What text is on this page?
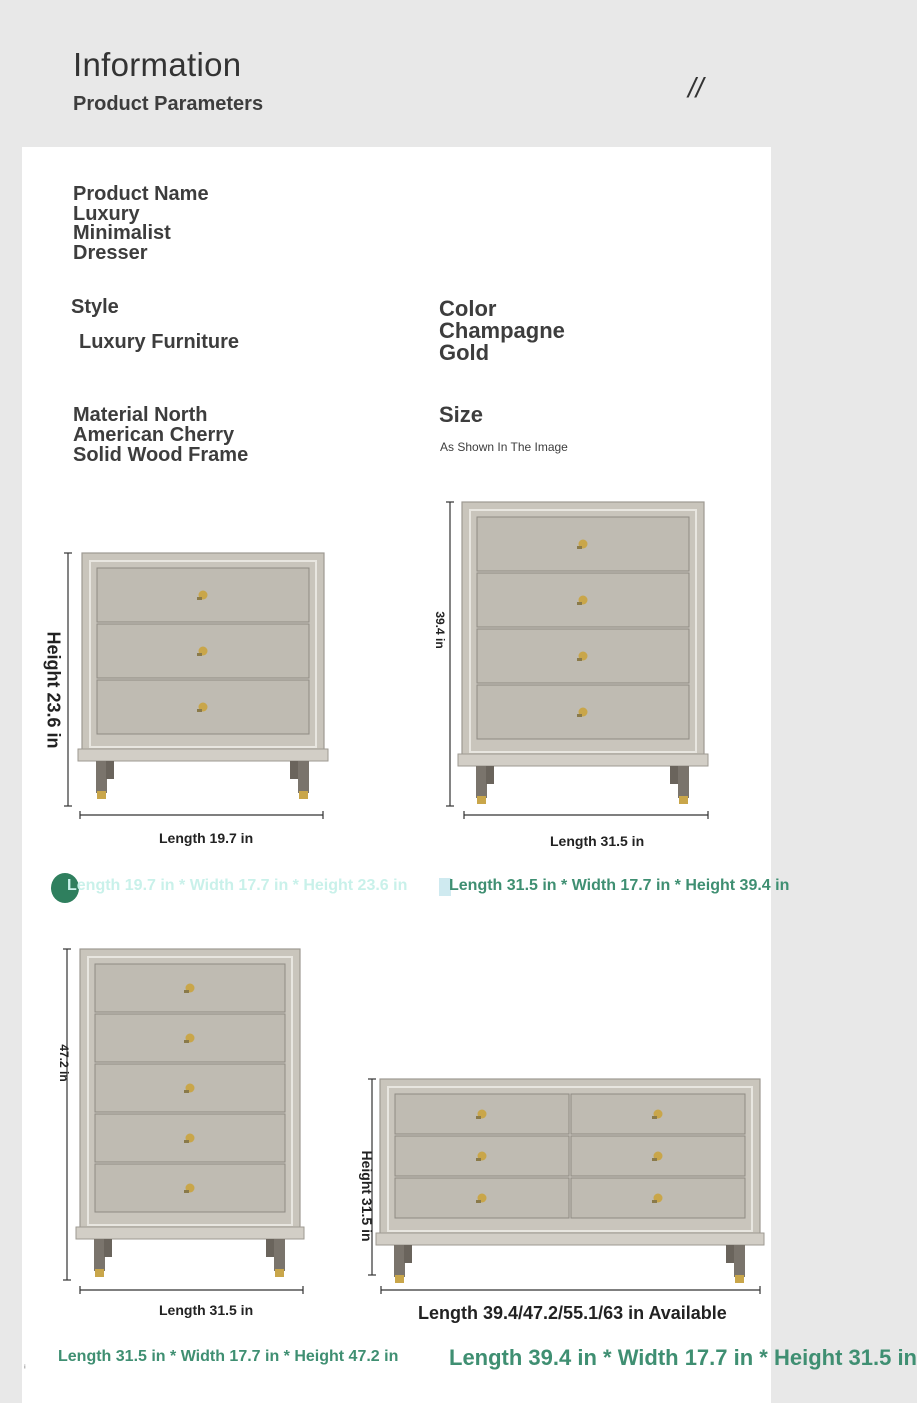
Information
Product Parameters
//
Product Name Luxury Minimalist Dresser
Style
Luxury Furniture
Color Champagne Gold
Material North American Cherry Solid Wood Frame
Size
As Shown In The Image
Height 23.6 in
Length 19.7 in
39.4 in
Length 31.5 in
47.2 in
Length 31.5 in
Height 31.5 in
Length 39.4/47.2/55.1/63 in Available
Length 19.7 in * Width 17.7 in * Height 23.6 in	Length 31.5 in * Width 17.7 in * Height 39.4 in
Length 31.5 in * Width 17.7 in * Height 47.2 in Length 39.4 in * Width 17.7 in * Height 31.5 in
ⁱ
